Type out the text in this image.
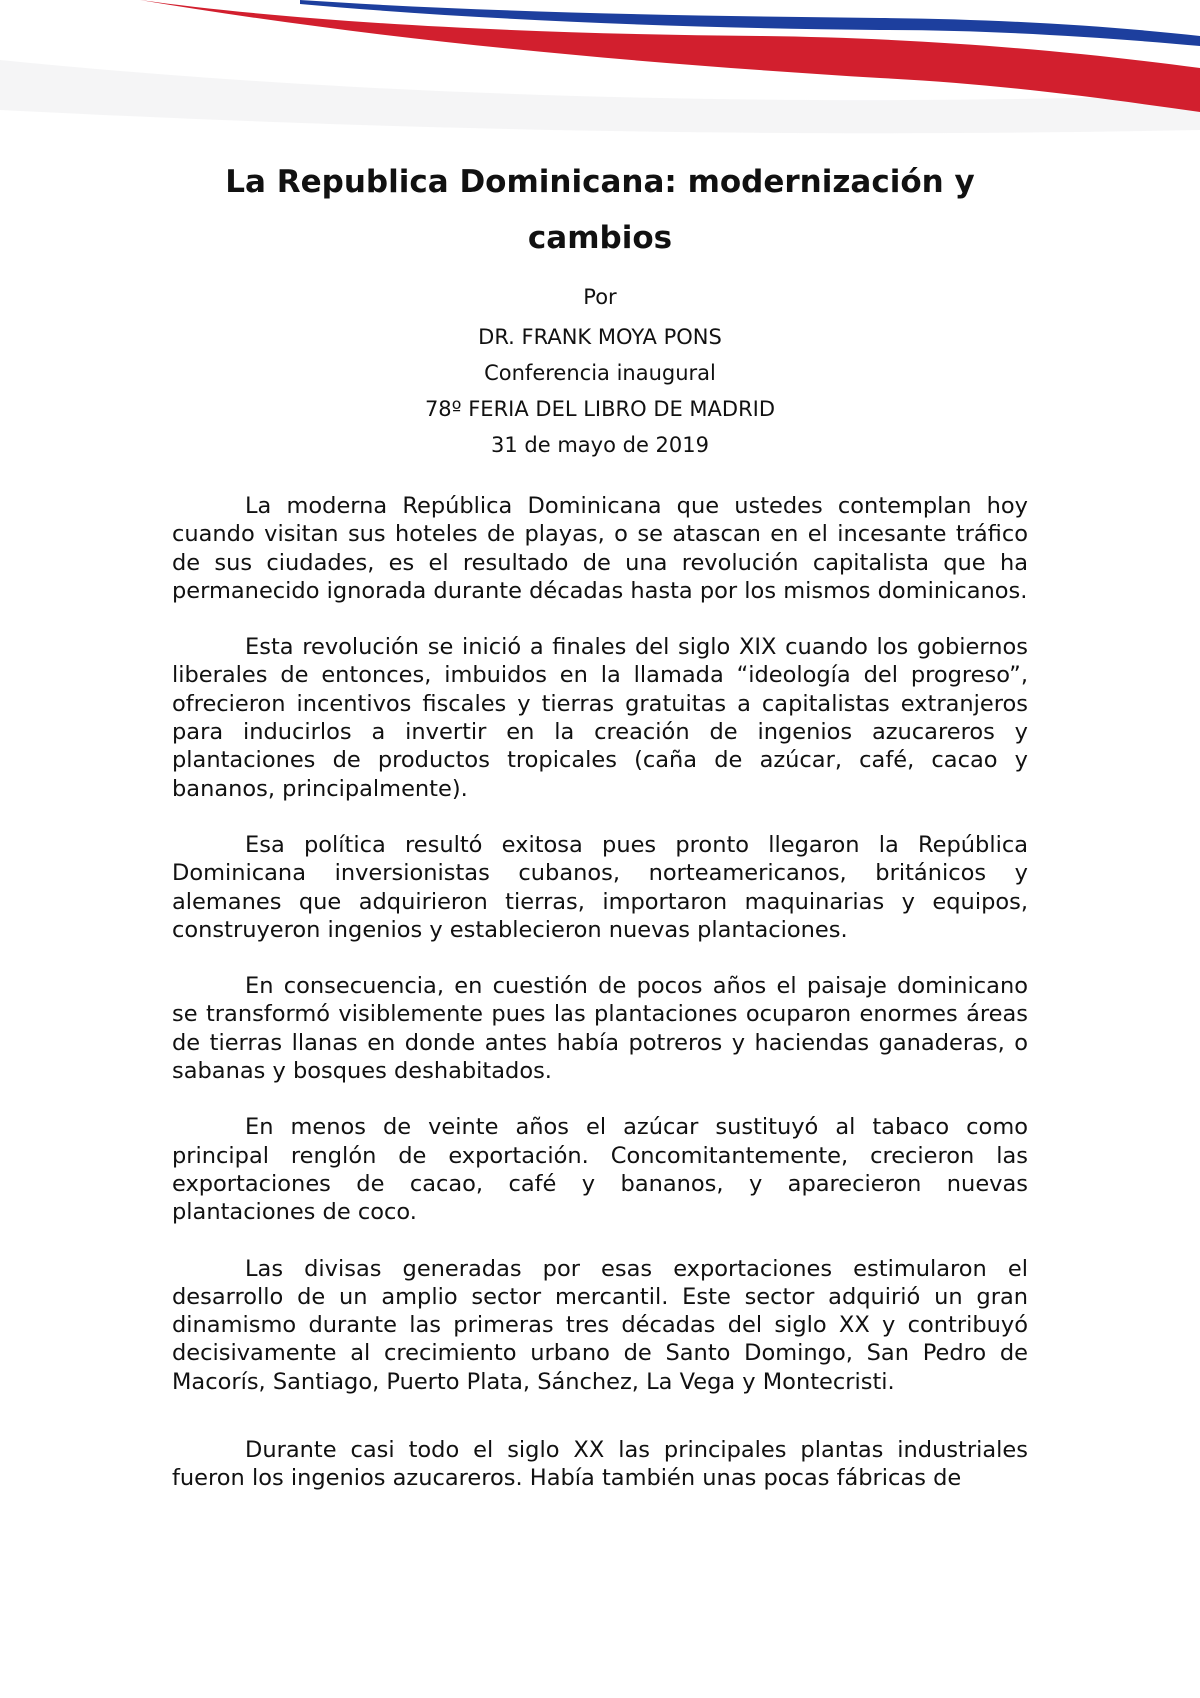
La Republica Dominicana: modernización y cambios

Por

DR. FRANK MOYA PONS

Conferencia inaugural

78º FERIA DEL LIBRO DE MADRID

31 de mayo de 2019

La moderna República Dominicana que ustedes contemplan hoy cuando visitan sus hoteles de playas, o se atascan en el incesante tráfico de sus ciudades, es el resultado de una revolución capitalista que ha permanecido ignorada durante décadas hasta por los mismos dominicanos.

Esta revolución se inició a finales del siglo XIX cuando los gobiernos liberales de entonces, imbuidos en la llamada “ideología del progreso”, ofrecieron incentivos fiscales y tierras gratuitas a capitalistas extranjeros para inducirlos a invertir en la creación de ingenios azucareros y plantaciones de productos tropicales (caña de azúcar, café, cacao y bananos, principalmente).

Esa política resultó exitosa pues pronto llegaron la República Dominicana inversionistas cubanos, norteamericanos, británicos y alemanes que adquirieron tierras, importaron maquinarias y equipos, construyeron ingenios y establecieron nuevas plantaciones.

En consecuencia, en cuestión de pocos años el paisaje dominicano se transformó visiblemente pues las plantaciones ocuparon enormes áreas de tierras llanas en donde antes había potreros y haciendas ganaderas, o sabanas y bosques deshabitados.

En menos de veinte años el azúcar sustituyó al tabaco como principal renglón de exportación. Concomitantemente, crecieron las exportaciones de cacao, café y bananos, y aparecieron nuevas plantaciones de coco.

Las divisas generadas por esas exportaciones estimularon el desarrollo de un amplio sector mercantil. Este sector adquirió un gran dinamismo durante las primeras tres décadas del siglo XX y contribuyó decisivamente al crecimiento urbano de Santo Domingo, San Pedro de Macorís, Santiago, Puerto Plata, Sánchez, La Vega y Montecristi.

Durante casi todo el siglo XX las principales plantas industriales fueron los ingenios azucareros. Había también unas pocas fábricas de
